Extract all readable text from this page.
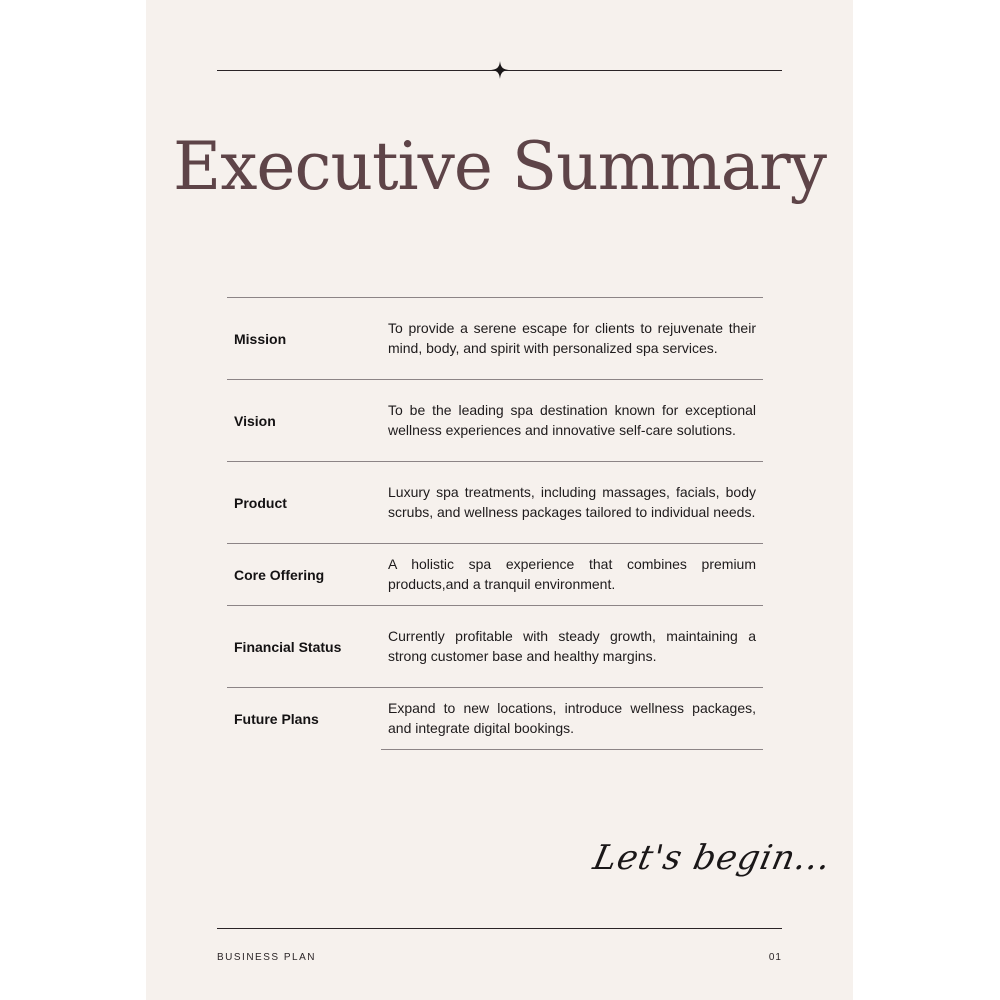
Executive Summary
Mission
To provide a serene escape for clients to rejuvenate their mind, body, and spirit with personalized spa services.
Vision
To be the leading spa destination known for exceptional wellness experiences and innovative self-care solutions.
Product
Luxury spa treatments, including massages, facials, body scrubs, and wellness packages tailored to individual needs.
Core Offering
A holistic spa experience that combines premium products,and a tranquil environment.
Financial Status
Currently profitable with steady growth, maintaining a strong customer base and healthy margins.
Future Plans
Expand to new locations, introduce wellness packages, and integrate digital bookings.
Let's begin...
BUSINESS PLAN	01
